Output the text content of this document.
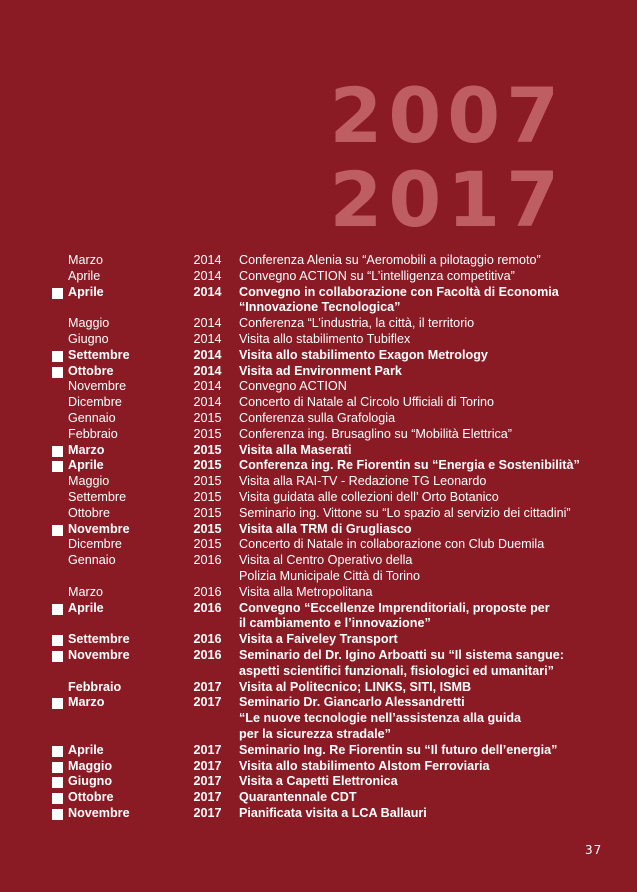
2007
2017
Marzo	2014	Conferenza Alenia su “Aeromobili a pilotaggio remoto”
Aprile	2014	Convegno ACTION su “L’intelligenza competitiva”
Aprile	2014	Convegno in collaborazione con Facoltà di Economia
“Innovazione Tecnologica”
Maggio	2014	Conferenza “L’industria, la città, il territorio
Giugno	2014	Visita allo stabilimento Tubiflex
Settembre	2014	Visita allo stabilimento Exagon Metrology
Ottobre	2014	Visita ad Environment Park
Novembre	2014	Convegno ACTION
Dicembre	2014	Concerto di Natale al Circolo Ufficiali di Torino
Gennaio	2015	Conferenza sulla Grafologia
Febbraio	2015	Conferenza ing. Brusaglino su “Mobilità Elettrica”
Marzo	2015	Visita alla Maserati
Aprile	2015	Conferenza ing. Re Fiorentin su “Energia e Sostenibilità”
Maggio	2015	Visita alla RAI-TV - Redazione TG Leonardo
Settembre	2015	Visita guidata alle collezioni dell’ Orto Botanico
Ottobre	2015	Seminario ing. Vittone su “Lo spazio al servizio dei cittadini”
Novembre	2015	Visita alla TRM di Grugliasco
Dicembre	2015	Concerto di Natale in collaborazione con Club Duemila
Gennaio	2016	Visita al Centro Operativo della
Polizia Municipale Città di Torino
Marzo	2016	Visita alla Metropolitana
Aprile	2016	Convegno “Eccellenze Imprenditoriali, proposte per
il cambiamento e l’innovazione”
Settembre	2016	Visita a Faiveley Transport
Novembre	2016	Seminario del Dr. Igino Arboatti su “Il sistema sangue:
aspetti scientifici funzionali, fisiologici ed umanitari”
Febbraio	2017	Visita al Politecnico; LINKS, SITI, ISMB
Marzo	2017	Seminario Dr. Giancarlo Alessandretti
“Le nuove tecnologie nell’assistenza alla guida
per la sicurezza stradale”
Aprile	2017	Seminario Ing. Re Fiorentin su “Il futuro dell’energia”
Maggio	2017	Visita allo stabilimento Alstom Ferroviaria
Giugno	2017	Visita a Capetti Elettronica
Ottobre	2017	Quarantennale CDT
Novembre	2017	Pianificata visita a LCA Ballauri
37
